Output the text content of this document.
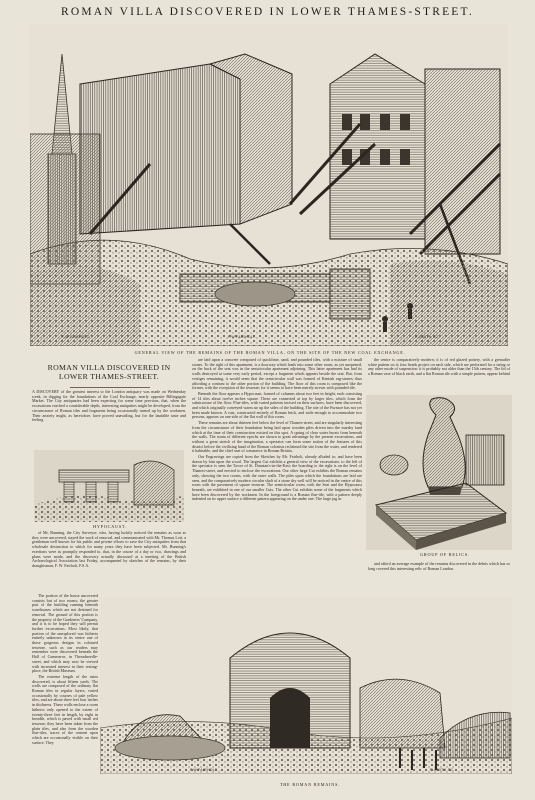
ROMAN VILLA DISCOVERED IN LOWER THAMES-STREET.
F.W.FAIRHOLT.	F.W.FAIRHOLT.	R.SMITH SC.
GENERAL VIEW OF THE REMAINS OF THE ROMAN VILLA, ON THE SITE OF THE NEW COAL EXCHANGE.
ROMAN VILLA DISCOVERED IN LOWER THAMES-STREET.

A DISCOVERY of the greatest interest to the London antiquary was made on Wednesday week, in digging for the foundations of the Coal Exchange, nearly opposite Billingsgate Market. The City antiquaries had been expecting for some time previous, that, when the excavations reached a considerable depth, interesting antiquities might be developed, from the circumstance of Roman tiles and fragments being occasionally turned up by the workmen. Their anxiety might, as heretofore, have proved unavailing, but for the laudable taste and feeling

HYPOCAUST.

of Mr. Bunning, the City Surveyor, who, having luckily noticed the remains as soon as they were uncovered, stayed the work of removal, and communicated with Mr. Thomas Lott, a gentleman well known for his public and private efforts to save the City antiquities from that wholesale destruction to which for many years they have been subjected. Mr. Bunning's exertions were as promptly responded to, that, in the course of a day or two, drawings and plans were made, and the discovery actually discussed at a meeting of the British Archaeological Association last Friday, accompanied by sketches of the remains, by their draughtsman, F. W. Fairholt, F.S.A.

The portion of the house uncovered consists but of two rooms; the greater part of the building running beneath warehouses which are not destined for removal. The ground of this portion is the property of the Gardeners' Company, and it is to be hoped they will permit further excavations. Most likely, that portion of the unexplored was hitherto entirely unknown in its centre one of those gorgeous designs in coloured tesserae, such as our readers may remember were discovered beneath the Hall of Commerce, in Threadneedle-street, and which may now be viewed with increased interest in their resting-place, the British Museum.

The extreme length of the ruins discovered, is about fifteen yards. The walls are composed of the ordinary flat Roman tiles in regular layers, varied occasionally by courses of pale yellow tiles, and are about three feet four inches in thickness. These walls enclose a room hitherto only opened to the extent of twenty-three feet in length, by eight in breadth, which is paved with small red tesserae; they have been taken from the plain tiles, and also from the wooden flue-tiles, traces of the cement upon which are occasionally visible on their surface. They

are laid upon a concrete composed of quicklime, sand, and pounded tiles, with a mixture of small stones. To the right of this apartment, is a doorway which leads into some other room, as yet unopened, on the back of the seat was in the semicircular apartment adjoining. This latter apartment has had its walls destroyed at some very early period, except a fragment which appears beside the seat. But, from vestiges remaining, it would seem that the semicircular wall was formed of Kentish rag-stones; thus affording a contrast to the other portion of the building. The floor of this room is composed like the former, with the exception of the tesserae; for it seems to have been merely strewn with pounded tile.

Beneath the floor appears a Hypocaust, formed of columns about two feet in height, each consisting of 14 tiles about twelve inches square. These are connected at top by larger tiles, which form the substructure of the floor. Flue-tiles, with varied patterns incised on their surfaces, have been discovered, and which originally conveyed warm air up the sides of the building. The site of the Furnace has not yet been made known. A vast, constructed entirely of Roman brick, and wide enough to accommodate two persons, appears on one side of the flat wall of this room.

These remains are about thirteen feet below the level of Thames-street, and are singularly interesting from the circumstance of their foundation being laid upon wooden piles driven into the marshy land which at the time of their construction existed on this spot. A spring of clear water bursts from beneath the walls. The strata of different epochs are shown to great advantage by the present excavations, and without a great stretch of the imagination, a spectator can form some notion of the features of this district before the civilising hand of the Roman colonists reclaimed the site from the water, and rendered it habitable, and the chief seat of commerce in Roman Britain.

Our Engravings are copied from the Sketches by Mr. Fairholt, already alluded to; and have been drawn by him upon the wood. The largest Cut exhibits a general view of the excavations: to the left of the spectator is seen the Tower of St. Dunstan's-in-the-East; the hoarding to the right is on the level of Thames-street, and erected to enclose the excavations. Our other large Cut exhibits the Roman remains only, showing the two rooms, with the outer walls. The piles upon which the foundations are laid are seen, and the comparatively modern circular shaft of a stone dry well will be noticed in the centre of this room with the pavement of square tesserae. The semicircular room, with the Seat and the Hypocaust beneath, are exhibited in one of our smaller Cuts. The other Cut exhibits some of the fragments which have been discovered by the workmen. In the foreground is a Roman flue-tile, with a pattern deeply indented on its upper surface a different pattern appearing on the under one. The large jug in

the centre is comparatively modern; it is of red glazed pottery, with a grenadier white pattern on it; four heads project on each side, which are perforated for a string or any other mode of suspension: it is probably not older than the 15th century. The lid of a Roman vase of black earth, and a flat Roman tile with a simple pattern, appear behind

GROUP OF RELICS.

and afford an average example of the remains discovered in the debris which has so long covered this interesting relic of Roman London.

F.W.FAIRHOLT.	R.SMITH SC.
THE ROMAN REMAINS.
